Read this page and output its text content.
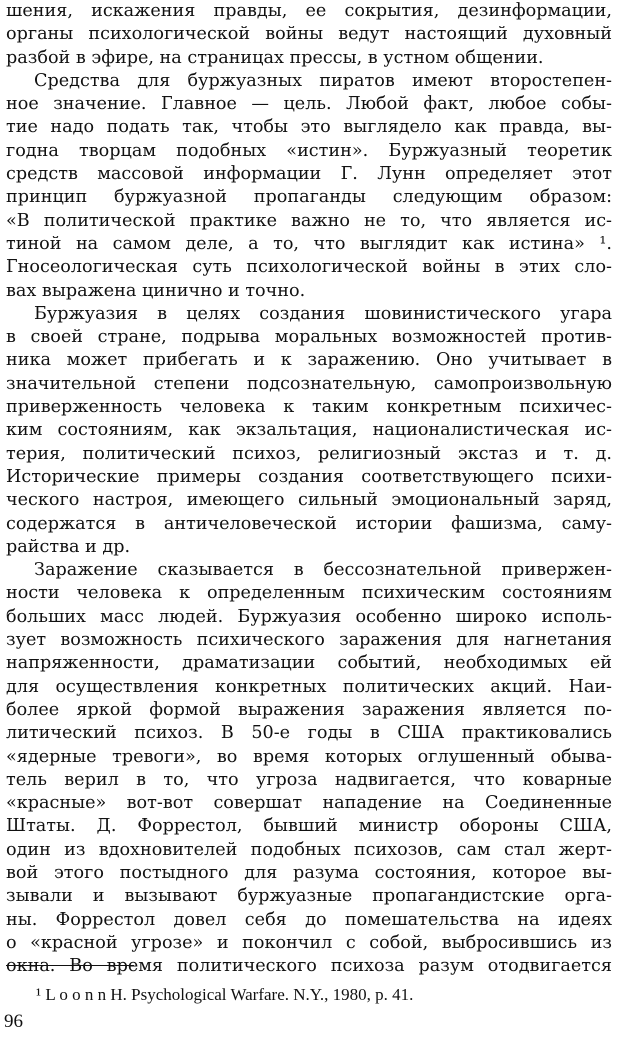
шения, искажения правды, ее сокрытия, дезинформации,
органы психологической войны ведут настоящий духовный
разбой в эфире, на страницах прессы, в устном общении.
Средства для буржуазных пиратов имеют второстепен-
ное значение. Главное — цель. Любой факт, любое собы-
тие надо подать так, чтобы это выглядело как правда, вы-
годна творцам подобных «истин». Буржуазный теоретик
средств массовой информации Г. Лунн определяет этот
принцип буржуазной пропаганды следующим образом:
«В политической практике важно не то, что является ис-
тиной на самом деле, а то, что выглядит как истина» ¹.
Гносеологическая суть психологической войны в этих сло-
вах выражена цинично и точно.
Буржуазия в целях создания шовинистического угара
в своей стране, подрыва моральных возможностей против-
ника может прибегать и к заражению. Оно учитывает в
значительной степени подсознательную, самопроизвольную
приверженность человека к таким конкретным психичес-
ким состояниям, как экзальтация, националистическая ис-
терия, политический психоз, религиозный экстаз и т. д.
Исторические примеры создания соответствующего психи-
ческого настроя, имеющего сильный эмоциональный заряд,
содержатся в античеловеческой истории фашизма, саму-
райства и др.
Заражение сказывается в бессознательной привержен-
ности человека к определенным психическим состояниям
больших масс людей. Буржуазия особенно широко исполь-
зует возможность психического заражения для нагнетания
напряженности, драматизации событий, необходимых ей
для осуществления конкретных политических акций. Наи-
более яркой формой выражения заражения является по-
литический психоз. В 50-е годы в США практиковались
«ядерные тревоги», во время которых оглушенный обыва-
тель верил в то, что угроза надвигается, что коварные
«красные» вот-вот совершат нападение на Соединенные
Штаты. Д. Форрестол, бывший министр обороны США,
один из вдохновителей подобных психозов, сам стал жерт-
вой этого постыдного для разума состояния, которое вы-
зывали и вызывают буржуазные пропагандистские орга-
ны. Форрестол довел себя до помешательства на идеях
о «красной угрозе» и покончил с собой, выбросившись из
окна. Во время политического психоза разум отодвигается
¹ L o o n n H. Psychological Warfare. N.Y., 1980, p. 41.
96
